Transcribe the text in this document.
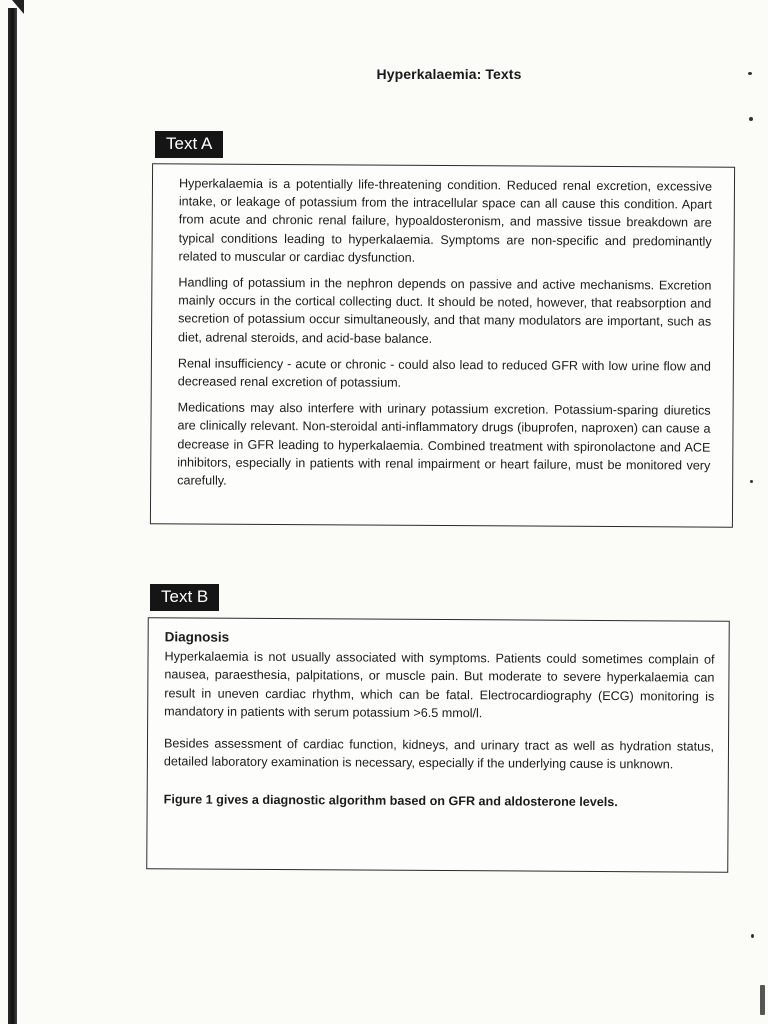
Hyperkalaemia: Texts
Text A

Hyperkalaemia is a potentially life-threatening condition. Reduced renal excretion, excessive intake, or leakage of potassium from the intracellular space can all cause this condition. Apart from acute and chronic renal failure, hypoaldosteronism, and massive tissue breakdown are typical conditions leading to hyperkalaemia. Symptoms are non-specific and predominantly related to muscular or cardiac dysfunction.

Handling of potassium in the nephron depends on passive and active mechanisms. Excretion mainly occurs in the cortical collecting duct. It should be noted, however, that reabsorption and secretion of potassium occur simultaneously, and that many modulators are important, such as diet, adrenal steroids, and acid-base balance.

Renal insufficiency - acute or chronic - could also lead to reduced GFR with low urine flow and decreased renal excretion of potassium.

Medications may also interfere with urinary potassium excretion. Potassium-sparing diuretics are clinically relevant. Non-steroidal anti-inflammatory drugs (ibuprofen, naproxen) can cause a decrease in GFR leading to hyperkalaemia. Combined treatment with spironolactone and ACE inhibitors, especially in patients with renal impairment or heart failure, must be monitored very carefully.

Text B
Diagnosis

Hyperkalaemia is not usually associated with symptoms. Patients could sometimes complain of nausea, paraesthesia, palpitations, or muscle pain. But moderate to severe hyperkalaemia can result in uneven cardiac rhythm, which can be fatal. Electrocardiography (ECG) monitoring is mandatory in patients with serum potassium >6.5 mmol/l.

Besides assessment of cardiac function, kidneys, and urinary tract as well as hydration status, detailed laboratory examination is necessary, especially if the underlying cause is unknown.

Figure 1 gives a diagnostic algorithm based on GFR and aldosterone levels.
